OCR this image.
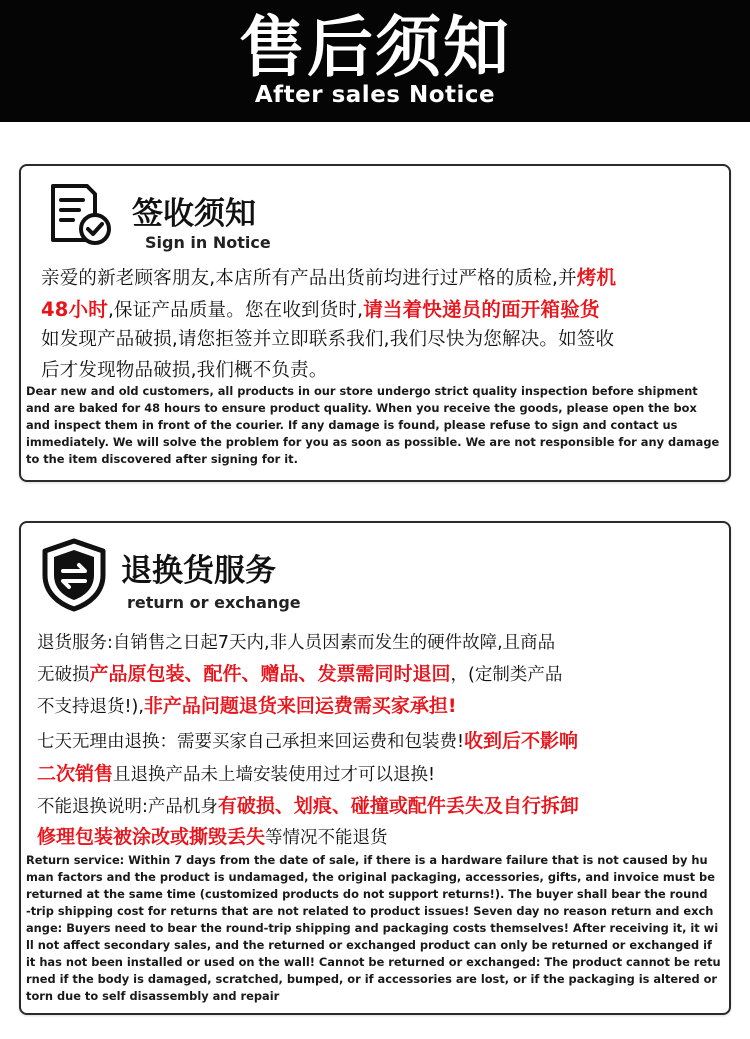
售后须知
After sales Notice
签收须知
Sign in Notice
亲爱的新老顾客朋友,本店所有产品出货前均进行过严格的质检,并烤机
48小时,保证产品质量。您在收到货时,请当着快递员的面开箱验货
如发现产品破损,请您拒签并立即联系我们,我们尽快为您解决。如签收
后才发现物品破损,我们概不负责。
Dear new and old customers, all products in our store undergo strict quality inspection before shipment
and are baked for 48 hours to ensure product quality. When you receive the goods, please open the box
and inspect them in front of the courier. If any damage is found, please refuse to sign and contact us
immediately. We will solve the problem for you as soon as possible. We are not responsible for any damage
to the item discovered after signing for it.
退换货服务
return or exchange
退货服务:自销售之日起7天内,非人员因素而发生的硬件故障,且商品
无破损产品原包装、配件、赠品、发票需同时退回，(定制类产品
不支持退货!),非产品问题退货来回运费需买家承担!
七天无理由退换：需要买家自己承担来回运费和包装费!收到后不影响
二次销售且退换产品未上墙安装使用过才可以退换!
不能退换说明:产品机身有破损、划痕、碰撞或配件丢失及自行拆卸
修理包装被涂改或撕毁丢失等情况不能退货
Return service: Within 7 days from the date of sale, if there is a hardware failure that is not caused by hu
man factors and the product is undamaged, the original packaging, accessories, gifts, and invoice must be
returned at the same time (customized products do not support returns!). The buyer shall bear the round
-trip shipping cost for returns that are not related to product issues! Seven day no reason return and exch
ange: Buyers need to bear the round-trip shipping and packaging costs themselves! After receiving it, it wi
ll not affect secondary sales, and the returned or exchanged product can only be returned or exchanged if
it has not been installed or used on the wall! Cannot be returned or exchanged: The product cannot be retu
rned if the body is damaged, scratched, bumped, or if accessories are lost, or if the packaging is altered or
torn due to self disassembly and repair
